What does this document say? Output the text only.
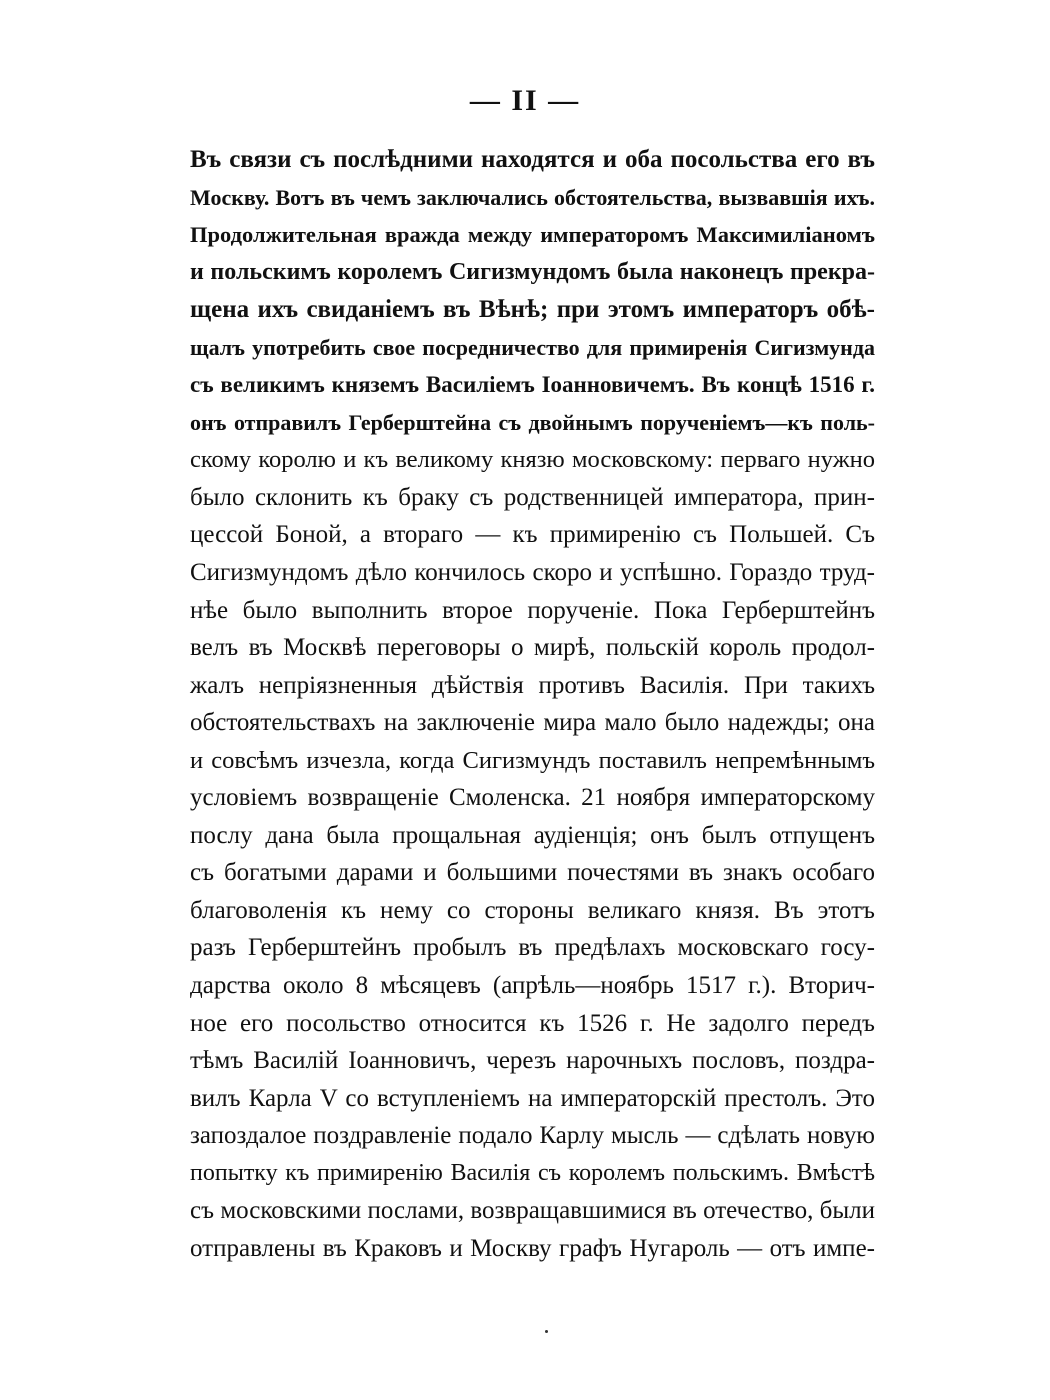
— II —
Въ связи съ послѣдними находятся и оба посольства его въ
Москву. Вотъ въ чемъ заключались обстоятельства, вызвавшія ихъ.
Продолжительная вражда между императоромъ Максимиліаномъ
и польскимъ королемъ Сигизмундомъ была наконецъ прекра-
щена ихъ свиданіемъ въ Вѣнѣ; при этомъ императоръ обѣ-
щалъ употребить свое посредничество для примиренія Сигизмунда
съ великимъ княземъ Василіемъ Іоанновичемъ. Въ концѣ 1516 г.
онъ отправилъ Герберштейна съ двойнымъ порученіемъ—къ поль-
скому королю и къ великому князю московскому: перваго нужно
было склонить къ браку съ родственницей императора, прин-
цессой Боной, а втораго — къ примиренію съ Польшей. Съ
Сигизмундомъ дѣло кончилось скоро и успѣшно. Гораздо труд-
нѣе было выполнить второе порученіе. Пока Герберштейнъ
велъ въ Москвѣ переговоры о мирѣ, польскій король продол-
жалъ непріязненныя дѣйствія противъ Василія. При такихъ
обстоятельствахъ на заключеніе мира мало было надежды; она
и совсѣмъ изчезла, когда Сигизмундъ поставилъ непремѣннымъ
условіемъ возвращеніе Смоленска. 21 ноября императорскому
послу дана была прощальная аудіенція; онъ былъ отпущенъ
съ богатыми дарами и большими почестями въ знакъ особаго
благоволенія къ нему со стороны великаго князя. Въ этотъ
разъ Герберштейнъ пробылъ въ предѣлахъ московскаго госу-
дарства около 8 мѣсяцевъ (апрѣль—ноябрь 1517 г.). Вторич-
ное его посольство относится къ 1526 г. Не задолго передъ
тѣмъ Василій Іоанновичъ, черезъ нарочныхъ пословъ, поздра-
вилъ Карла V со вступленіемъ на императорскій престолъ. Это
запоздалое поздравленіе подало Карлу мысль — сдѣлать новую
попытку къ примиренію Василія съ королемъ польскимъ. Вмѣстѣ
съ московскими послами, возвращавшимися въ отечество, были
отправлены въ Краковъ и Москву графъ Нугароль — отъ импе-
